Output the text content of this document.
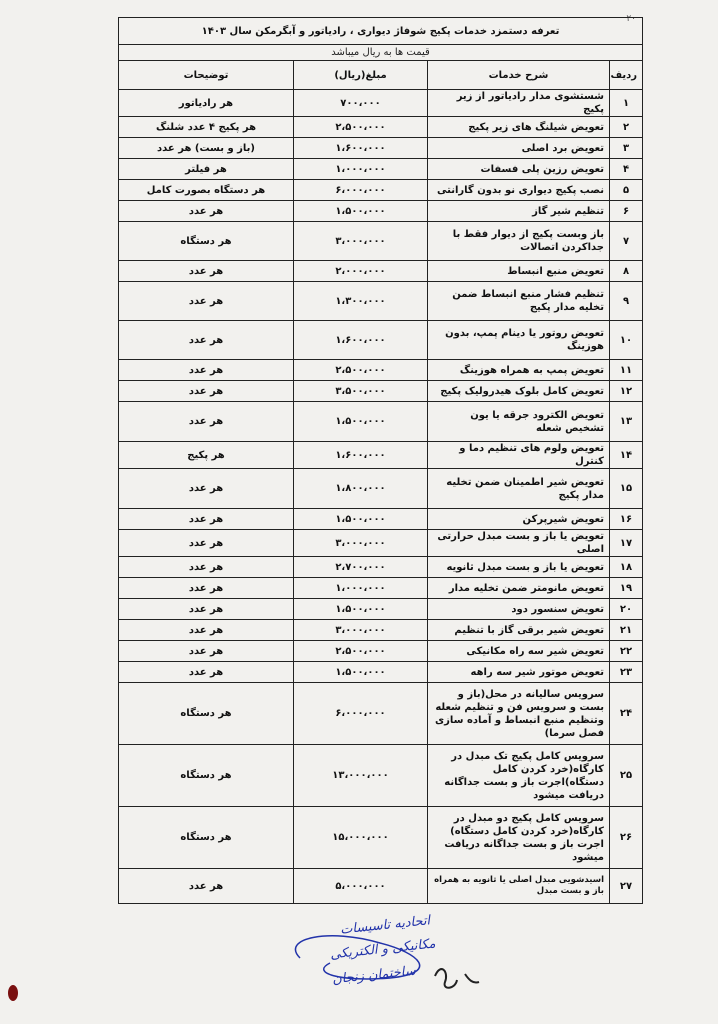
۲۰
تعرفه دستمزد خدمات پکیج شوفاژ دیواری ، رادیاتور و آبگرمکن سال ۱۴۰۳			
قیمت ها به ریال میباشد			
ردیف	شرح خدمات	مبلغ(ریال)	توضیحات
۱	شستشوی مدار رادیاتور از زیر پکیج	۷۰۰،۰۰۰	هر رادیاتور
۲	تعویض شیلنگ های زیر پکیج	۲،۵۰۰،۰۰۰	هر پکیج ۴ عدد شلنگ
۳	تعویض برد اصلی	۱،۶۰۰،۰۰۰	(باز و بست) هر عدد
۴	تعویض رزین پلی فسفات	۱،۰۰۰،۰۰۰	هر فیلتر
۵	نصب پکیج دیواری نو بدون گارانتی	۶،۰۰۰،۰۰۰	هر دستگاه بصورت کامل
۶	تنظیم شیر گاز	۱،۵۰۰،۰۰۰	هر عدد
۷	باز وبست پکیج از دیوار فقط با جداکردن اتصالات	۳،۰۰۰،۰۰۰	هر دستگاه
۸	تعویض منبع انبساط	۲،۰۰۰،۰۰۰	هر عدد
۹	تنظیم فشار منبع انبساط ضمن تخلیه مدار پکیج	۱،۳۰۰،۰۰۰	هر عدد
۱۰	تعویض روتور یا دینام پمپ، بدون هوزینگ	۱،۶۰۰،۰۰۰	هر عدد
۱۱	تعویض پمپ به همراه هوزینگ	۲،۵۰۰،۰۰۰	هر عدد
۱۲	تعویض کامل بلوک هیدرولیک پکیج	۳،۵۰۰،۰۰۰	هر عدد
۱۳	تعویض الکترود جرقه یا یون تشخیص شعله	۱،۵۰۰،۰۰۰	هر عدد
۱۴	تعویض ولوم های تنظیم دما و کنترل	۱،۶۰۰،۰۰۰	هر پکیج
۱۵	تعویض شیر اطمینان ضمن تخلیه مدار پکیج	۱،۸۰۰،۰۰۰	هر عدد
۱۶	تعویض شیرپرکن	۱،۵۰۰،۰۰۰	هر عدد
۱۷	تعویض یا باز و بست مبدل حرارتی اصلی	۳،۰۰۰،۰۰۰	هر عدد
۱۸	تعویض یا باز و بست مبدل ثانویه	۲،۷۰۰،۰۰۰	هر عدد
۱۹	تعویض مانومتر ضمن تخلیه مدار	۱،۰۰۰،۰۰۰	هر عدد
۲۰	تعویض سنسور دود	۱،۵۰۰،۰۰۰	هر عدد
۲۱	تعویض شیر برقی گاز با تنظیم	۳،۰۰۰،۰۰۰	هر عدد
۲۲	تعویض شیر سه راه مکانیکی	۲،۵۰۰،۰۰۰	هر عدد
۲۳	تعویض موتور شیر سه راهه	۱،۵۰۰،۰۰۰	هر عدد
۲۴	سرویس سالیانه در محل(باز و بست و سرویس فن و تنظیم شعله وتنظیم منبع انبساط و آماده سازی فصل سرما)	۶،۰۰۰،۰۰۰	هر دستگاه
۲۵	سرویس کامل پکیج تک مبدل در کارگاه(خرد کردن کامل دستگاه)اجرت باز و بست جداگانه دریافت میشود	۱۳،۰۰۰،۰۰۰	هر دستگاه
۲۶	سرویس کامل پکیج دو مبدل در کارگاه(خرد کردن کامل دستگاه) اجرت باز و بست جداگانه دریافت میشود	۱۵،۰۰۰،۰۰۰	هر دستگاه
۲۷	اسیدشویی مبدل اصلی یا ثانویه به همراه باز و بست مبدل	۵،۰۰۰،۰۰۰	هر عدد
اتحادیه تاسیسات
مکانیکی و الکتریکی
ساختمان زنجان
